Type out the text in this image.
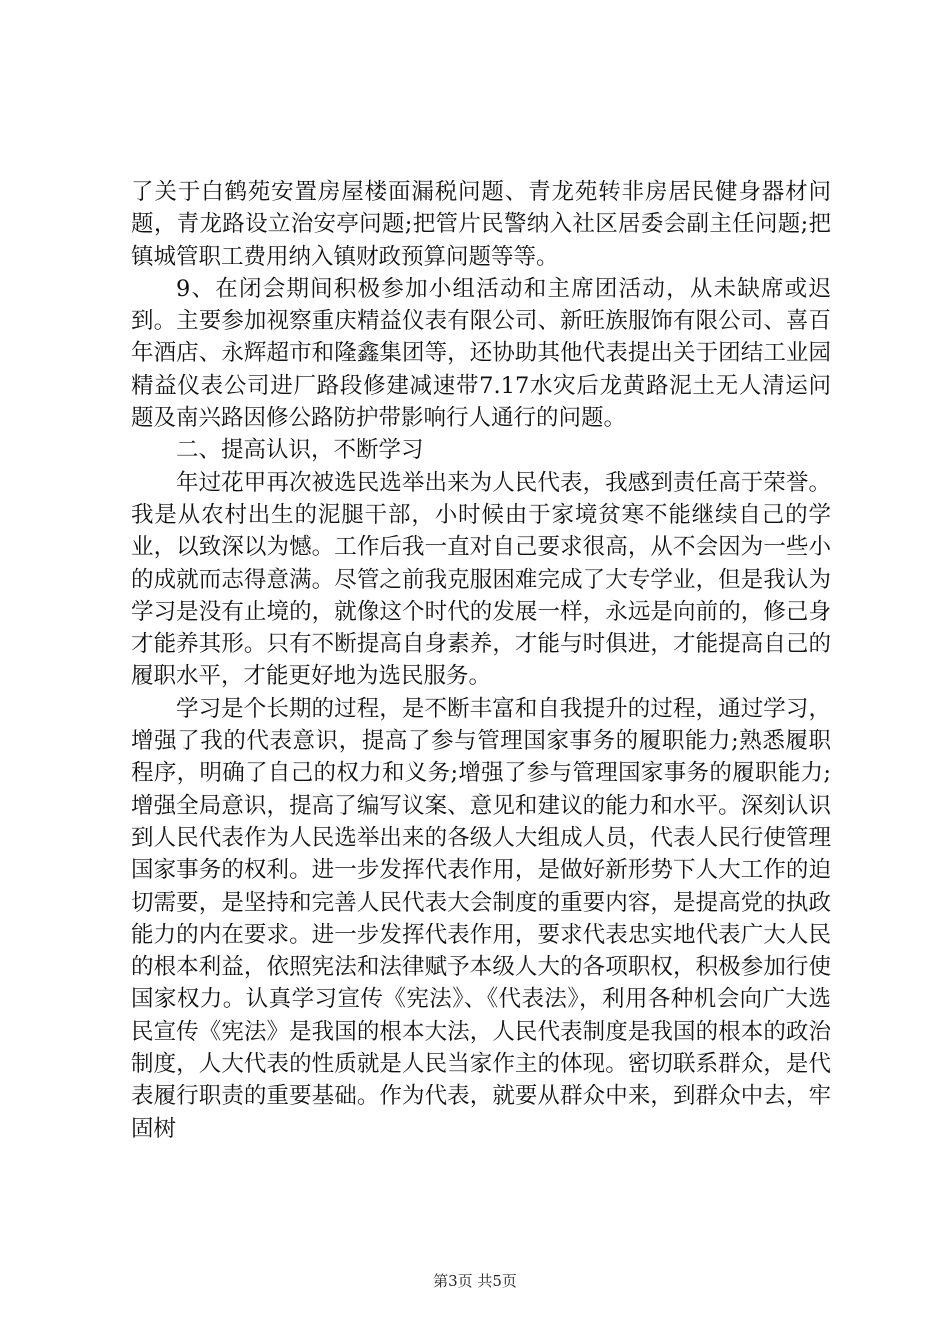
了关于白鹤苑安置房屋楼面漏税问题、青龙苑转非房居民健身器材问题，青龙路设立治安亭问题;把管片民警纳入社区居委会副主任问题;把镇城管职工费用纳入镇财政预算问题等等。

9、在闭会期间积极参加小组活动和主席团活动，从未缺席或迟到。主要参加视察重庆精益仪表有限公司、新旺族服饰有限公司、喜百年酒店、永辉超市和隆鑫集团等，还协助其他代表提出关于团结工业园精益仪表公司进厂路段修建减速带7.17水灾后龙黄路泥土无人清运问题及南兴路因修公路防护带影响行人通行的问题。

二、提高认识，不断学习

年过花甲再次被选民选举出来为人民代表，我感到责任高于荣誉。我是从农村出生的泥腿干部，小时候由于家境贫寒不能继续自己的学业，以致深以为憾。工作后我一直对自己要求很高，从不会因为一些小的成就而志得意满。尽管之前我克服困难完成了大专学业，但是我认为学习是没有止境的，就像这个时代的发展一样，永远是向前的，修己身才能养其形。只有不断提高自身素养，才能与时俱进，才能提高自己的履职水平，才能更好地为选民服务。

学习是个长期的过程，是不断丰富和自我提升的过程，通过学习，增强了我的代表意识，提高了参与管理国家事务的履职能力;熟悉履职程序，明确了自己的权力和义务;增强了参与管理国家事务的履职能力;增强全局意识，提高了编写议案、意见和建议的能力和水平。深刻认识到人民代表作为人民选举出来的各级人大组成人员，代表人民行使管理国家事务的权利。进一步发挥代表作用，是做好新形势下人大工作的迫切需要，是坚持和完善人民代表大会制度的重要内容，是提高党的执政能力的内在要求。进一步发挥代表作用，要求代表忠实地代表广大人民的根本利益，依照宪法和法律赋予本级人大的各项职权，积极参加行使国家权力。认真学习宣传《宪法》、《代表法》，利用各种机会向广大选民宣传《宪法》是我国的根本大法，人民代表制度是我国的根本的政治制度，人大代表的性质就是人民当家作主的体现。密切联系群众，是代表履行职责的重要基础。作为代表，就要从群众中来，到群众中去，牢固树

第3页 共5页
